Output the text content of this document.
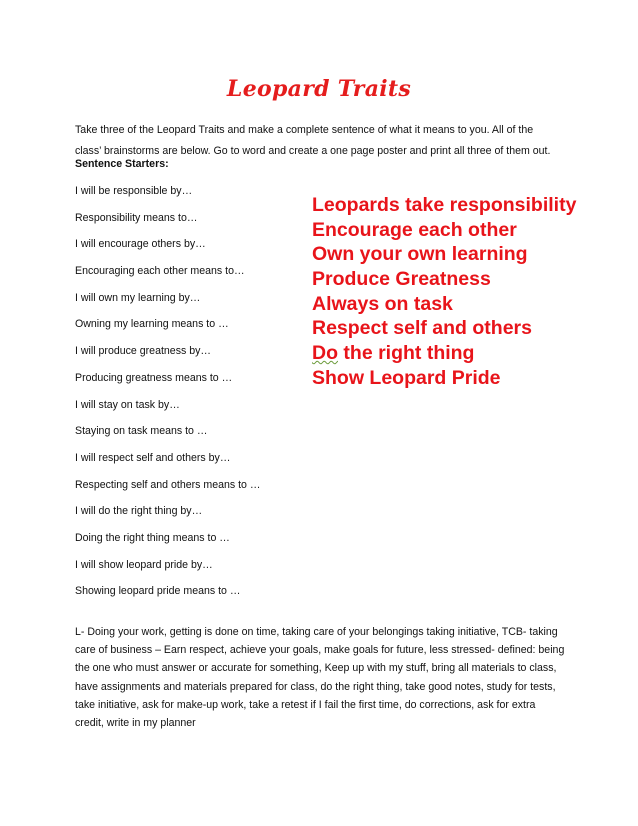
Leopard Traits
Take three of the Leopard Traits and make a complete sentence of what it means to you. All of the
class’ brainstorms are below. Go to word and create a one page poster and print all three of them out.
Sentence Starters:
I will be responsible by…
Responsibility means to…
I will encourage others by…
Encouraging each other means to…
I will own my learning by…
Owning my learning means to …
I will produce greatness by…
Producing greatness means to …
I will stay on task by…
Staying on task means to …
I will respect self and others by…
Respecting self and others means to …
I will do the right thing by…
Doing the right thing means to …
I will show leopard pride by…
Showing leopard pride means to …
Leopards take responsibility
Encourage each other
Own your own learning
Produce Greatness
Always on task
Respect self and others
Do the right thing
Show Leopard Pride
L- Doing your work, getting is done on time, taking care of your belongings taking initiative, TCB- taking
care of business – Earn respect, achieve your goals, make goals for future, less stressed- defined: being
the one who must answer or accurate for something, Keep up with my stuff, bring all materials to class,
have assignments and materials prepared for class, do the right thing, take good notes, study for tests,
take initiative, ask for make-up work, take a retest if I fail the first time, do corrections, ask for extra
credit, write in my planner
